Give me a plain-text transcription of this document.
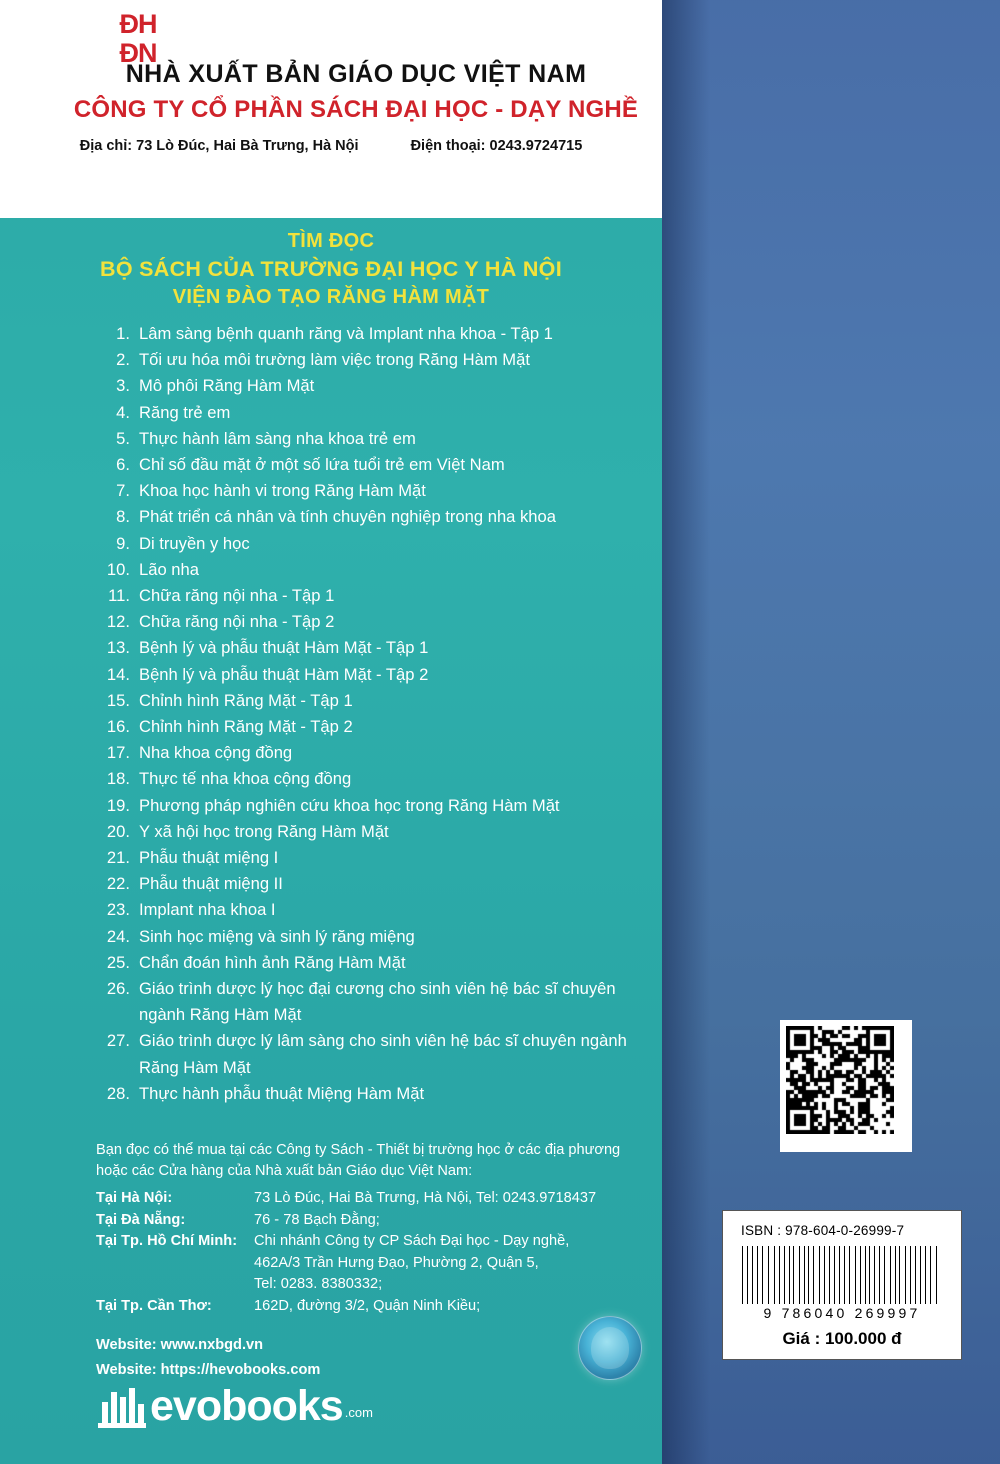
ĐH
ĐN
NHÀ XUẤT BẢN GIÁO DỤC VIỆT NAM
CÔNG TY CỔ PHẦN SÁCH ĐẠI HỌC - DẠY NGHỀ
Địa chỉ: 73 Lò Đúc, Hai Bà Trưng, Hà Nội	Điện thoại: 0243.9724715
TÌM ĐỌC
BỘ SÁCH CỦA TRƯỜNG ĐẠI HỌC Y HÀ NỘI
VIỆN ĐÀO TẠO RĂNG HÀM MẶT
1. Lâm sàng bệnh quanh răng và Implant nha khoa - Tập 1
2. Tối ưu hóa môi trường làm việc trong Răng Hàm Mặt
3. Mô phôi Răng Hàm Mặt
4. Răng trẻ em
5. Thực hành lâm sàng nha khoa trẻ em
6. Chỉ số đầu mặt ở một số lứa tuổi trẻ em Việt Nam
7. Khoa học hành vi trong Răng Hàm Mặt
8. Phát triển cá nhân và tính chuyên nghiệp trong nha khoa
9. Di truyền y học
10. Lão nha
11. Chữa răng nội nha - Tập 1
12. Chữa răng nội nha - Tập 2
13. Bệnh lý và phẫu thuật Hàm Mặt - Tập 1
14. Bệnh lý và phẫu thuật Hàm Mặt - Tập 2
15. Chỉnh hình Răng Mặt - Tập 1
16. Chỉnh hình Răng Mặt - Tập 2
17. Nha khoa cộng đồng
18. Thực tế nha khoa cộng đồng
19. Phương pháp nghiên cứu khoa học trong Răng Hàm Mặt
20. Y xã hội học trong Răng Hàm Mặt
21. Phẫu thuật miệng I
22. Phẫu thuật miệng II
23. Implant nha khoa I
24. Sinh học miệng và sinh lý răng miệng
25. Chẩn đoán hình ảnh Răng Hàm Mặt
26. Giáo trình dược lý học đại cương cho sinh viên hệ bác sĩ chuyên ngành Răng Hàm Mặt
27. Giáo trình dược lý lâm sàng cho sinh viên hệ bác sĩ chuyên ngành Răng Hàm Mặt
28. Thực hành phẫu thuật Miệng Hàm Mặt
Bạn đọc có thể mua tại các Công ty Sách - Thiết bị trường học ở các địa phương
hoặc các Cửa hàng của Nhà xuất bản Giáo dục Việt Nam:
Tại Hà Nội:	73 Lò Đúc, Hai Bà Trưng, Hà Nội, Tel: 0243.9718437
Tại Đà Nẵng:	76 - 78 Bạch Đằng;
Tại Tp. Hồ Chí Minh:	Chi nhánh Công ty CP Sách Đại học - Dạy nghề,
462A/3 Trần Hưng Đạo, Phường 2, Quận 5,
Tel: 0283. 8380332;
Tại Tp. Cần Thơ:	162D, đường 3/2, Quận Ninh Kiều;
Website: www.nxbgd.vn
Website: https://hevobooks.com
evobooks .com
ISBN : 978-604-0-26999-7
9 786040 269997
Giá : 100.000 đ
